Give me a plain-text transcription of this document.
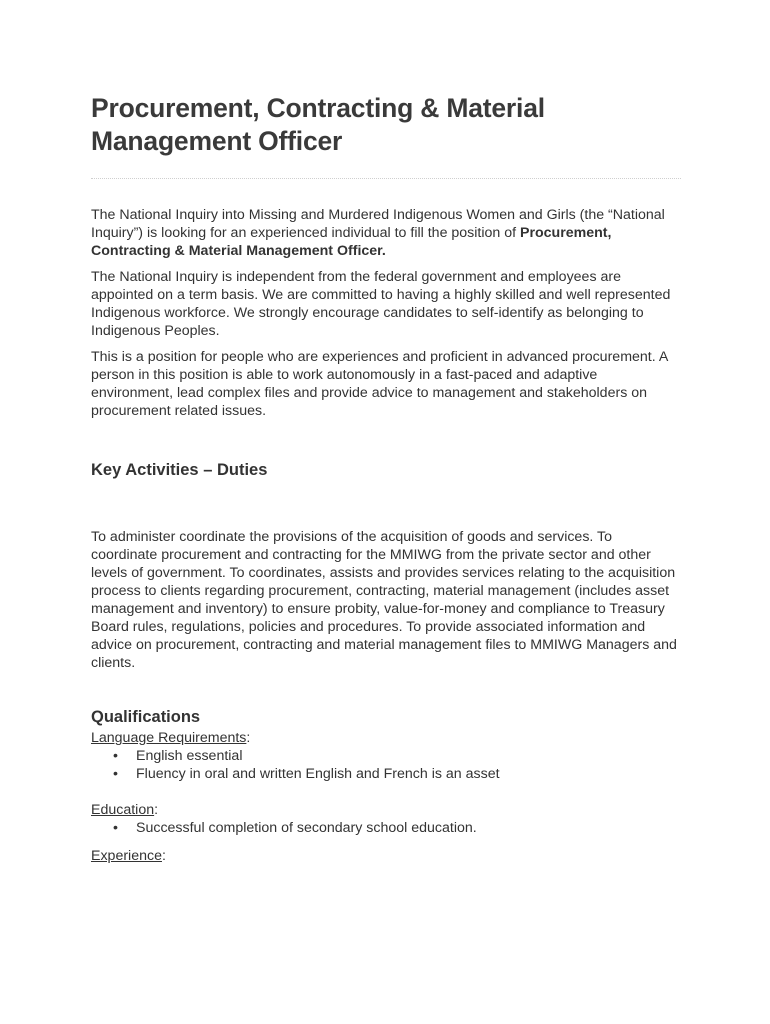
Procurement, Contracting & Material Management Officer

The National Inquiry into Missing and Murdered Indigenous Women and Girls (the “National Inquiry”) is looking for an experienced individual to fill the position of Procurement, Contracting & Material Management Officer.

The National Inquiry is independent from the federal government and employees are appointed on a term basis. We are committed to having a highly skilled and well represented Indigenous workforce. We strongly encourage candidates to self-identify as belonging to Indigenous Peoples.

This is a position for people who are experiences and proficient in advanced procurement. A person in this position is able to work autonomously in a fast-paced and adaptive environment, lead complex files and provide advice to management and stakeholders on procurement related issues.

Key Activities – Duties

To administer coordinate the provisions of the acquisition of goods and services. To coordinate procurement and contracting for the MMIWG from the private sector and other levels of government. To coordinates, assists and provides services relating to the acquisition process to clients regarding procurement, contracting, material management (includes asset management and inventory) to ensure probity, value-for-money and compliance to Treasury Board rules, regulations, policies and procedures. To provide associated information and advice on procurement, contracting and material management files to MMIWG Managers and clients.

Qualifications

Language Requirements:

• English essential
• Fluency in oral and written English and French is an asset

Education:

• Successful completion of secondary school education.

Experience:
